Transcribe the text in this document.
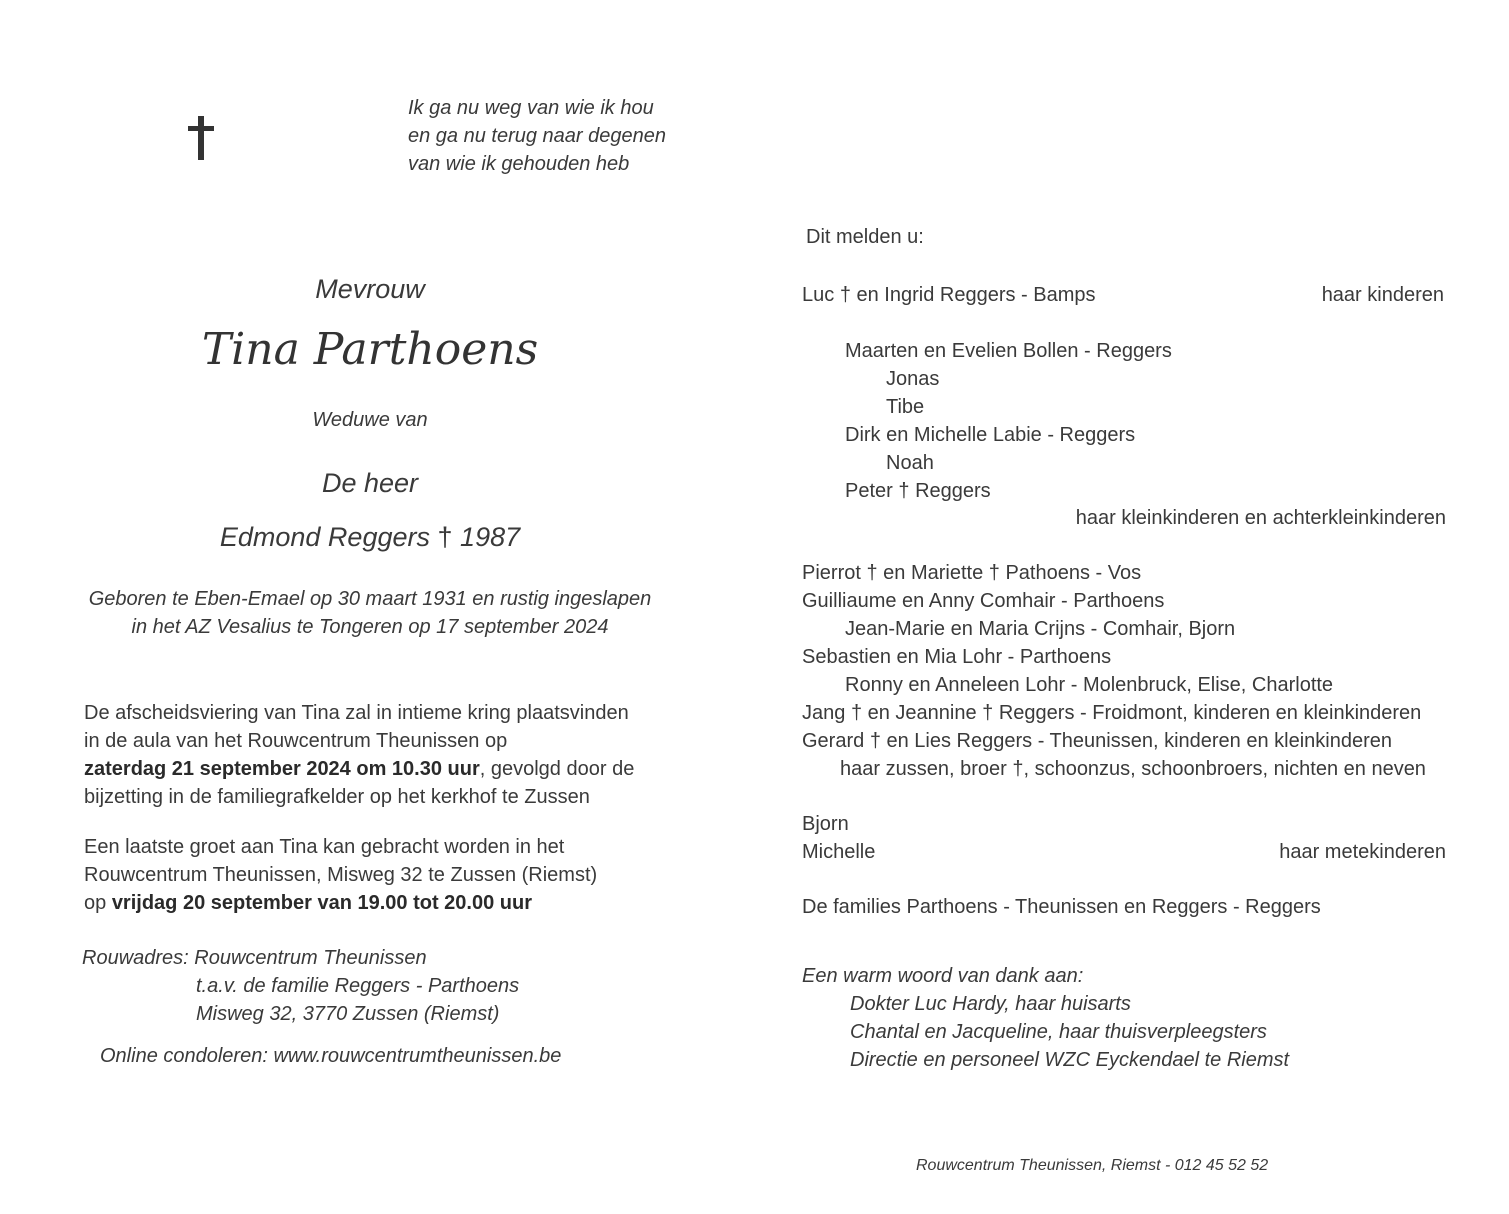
Ik ga nu weg van wie ik hou
en ga nu terug naar degenen
van wie ik gehouden heb
Mevrouw
Tina Parthoens
Weduwe van
De heer
Edmond Reggers † 1987
Geboren te Eben-Emael op 30 maart 1931 en rustig ingeslapen
in het AZ Vesalius te Tongeren op 17 september 2024

De afscheidsviering van Tina zal in intieme kring plaatsvinden
in de aula van het Rouwcentrum Theunissen op
zaterdag 21 september 2024 om 10.30 uur, gevolgd door de
bijzetting in de familiegrafkelder op het kerkhof te Zussen

Een laatste groet aan Tina kan gebracht worden in het
Rouwcentrum Theunissen, Misweg 32 te Zussen (Riemst)
op vrijdag 20 september van 19.00 tot 20.00 uur

Rouwadres: Rouwcentrum Theunissen
t.a.v. de familie Reggers - Parthoens
Misweg 32, 3770 Zussen (Riemst)
Online condoleren: www.rouwcentrumtheunissen.be
Dit melden u:
Luc † en Ingrid Reggers - Bamps	haar kinderen
Maarten en Evelien Bollen - Reggers
Jonas
Tibe
Dirk en Michelle Labie - Reggers
Noah
Peter † Reggers
haar kleinkinderen en achterkleinkinderen
Pierrot † en Mariette † Pathoens - Vos
Guilliaume en Anny Comhair - Parthoens
Jean-Marie en Maria Crijns - Comhair, Bjorn
Sebastien en Mia Lohr - Parthoens
Ronny en Anneleen Lohr - Molenbruck, Elise, Charlotte
Jang † en Jeannine † Reggers - Froidmont, kinderen en kleinkinderen
Gerard † en Lies Reggers - Theunissen, kinderen en kleinkinderen
haar zussen, broer †, schoonzus, schoonbroers, nichten en neven
Bjorn
Michelle	haar metekinderen
De families Parthoens - Theunissen en Reggers - Reggers
Een warm woord van dank aan:
Dokter Luc Hardy, haar huisarts
Chantal en Jacqueline, haar thuisverpleegsters
Directie en personeel WZC Eyckendael te Riemst
Rouwcentrum Theunissen, Riemst - 012 45 52 52
